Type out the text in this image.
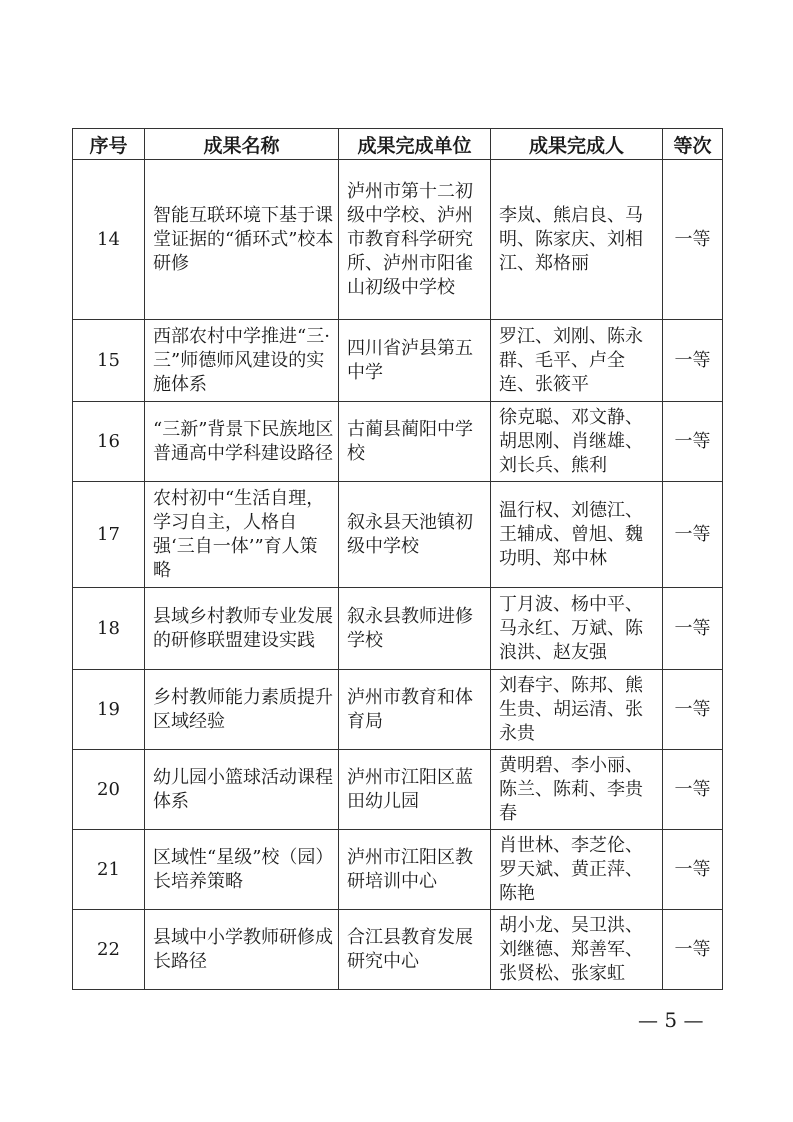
序号	成果名称	成果完成单位	成果完成人	等次
14	智能互联环境下基于课堂证据的“循环式”校本研修	泸州市第十二初级中学校、泸州市教育科学研究所、泸州市阳雀山初级中学校	李岚、熊启良、马明、陈家庆、刘相江、郑格丽	一等
15	西部农村中学推进“三·三”师德师风建设的实施体系	四川省泸县第五中学	罗江、刘刚、陈永群、毛平、卢全连、张筱平	一等
16	“三新”背景下民族地区普通高中学科建设路径	古蔺县蔺阳中学校	徐克聪、邓文静、胡思刚、肖继雄、刘长兵、熊利	一等
17	农村初中“生活自理，学习自主，人格自强‘三自一体’”育人策略	叙永县天池镇初级中学校	温行权、刘德江、王辅成、曾旭、魏功明、郑中林	一等
18	县域乡村教师专业发展的研修联盟建设实践	叙永县教师进修学校	丁月波、杨中平、马永红、万斌、陈浪洪、赵友强	一等
19	乡村教师能力素质提升区域经验	泸州市教育和体育局	刘春宇、陈邦、熊生贵、胡运清、张永贵	一等
20	幼儿园小篮球活动课程体系	泸州市江阳区蓝田幼儿园	黄明碧、李小丽、陈兰、陈莉、李贵春	一等
21	区域性“星级”校（园）长培养策略	泸州市江阳区教研培训中心	肖世林、李芝伦、罗天斌、黄正萍、陈艳	一等
22	县域中小学教师研修成长路径	合江县教育发展研究中心	胡小龙、吴卫洪、刘继德、郑善军、张贤松、张家虹	一等
— 5 —
